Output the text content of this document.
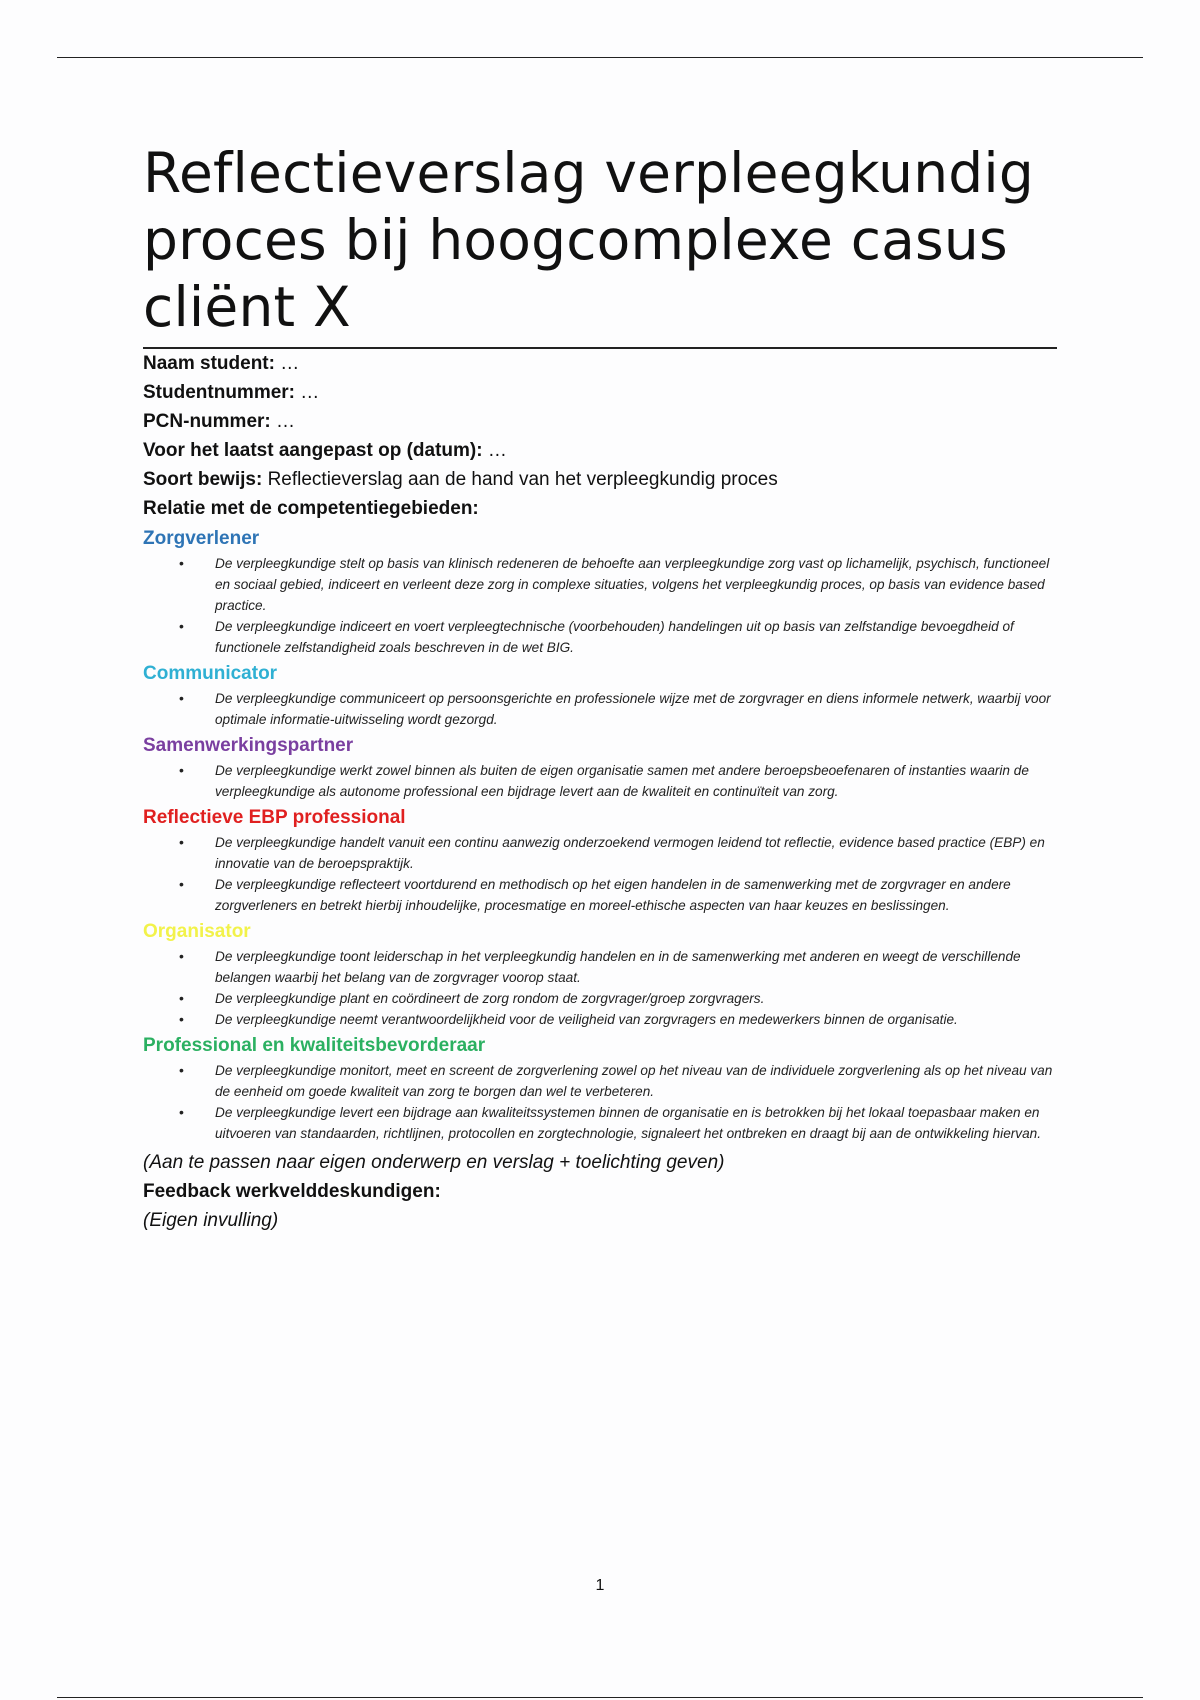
Reflectieverslag verpleegkundig proces bij hoogcomplexe casus cliënt X
Naam student: …
Studentnummer: …
PCN-nummer: …
Voor het laatst aangepast op (datum): …
Soort bewijs: Reflectieverslag aan de hand van het verpleegkundig proces
Relatie met de competentiegebieden:
Zorgverlener
• De verpleegkundige stelt op basis van klinisch redeneren de behoefte aan verpleegkundige zorg vast op lichamelijk, psychisch, functioneel en sociaal gebied, indiceert en verleent deze zorg in complexe situaties, volgens het verpleegkundig proces, op basis van evidence based practice.
• De verpleegkundige indiceert en voert verpleegtechnische (voorbehouden) handelingen uit op basis van zelfstandige bevoegdheid of functionele zelfstandigheid zoals beschreven in de wet BIG.
Communicator
• De verpleegkundige communiceert op persoonsgerichte en professionele wijze met de zorgvrager en diens informele netwerk, waarbij voor optimale informatie-uitwisseling wordt gezorgd.
Samenwerkingspartner
• De verpleegkundige werkt zowel binnen als buiten de eigen organisatie samen met andere beroepsbeoefenaren of instanties waarin de verpleegkundige als autonome professional een bijdrage levert aan de kwaliteit en continuïteit van zorg.
Reflectieve EBP professional
• De verpleegkundige handelt vanuit een continu aanwezig onderzoekend vermogen leidend tot reflectie, evidence based practice (EBP) en innovatie van de beroepspraktijk.
• De verpleegkundige reflecteert voortdurend en methodisch op het eigen handelen in de samenwerking met de zorgvrager en andere zorgverleners en betrekt hierbij inhoudelijke, procesmatige en moreel-ethische aspecten van haar keuzes en beslissingen.
Organisator
• De verpleegkundige toont leiderschap in het verpleegkundig handelen en in de samenwerking met anderen en weegt de verschillende belangen waarbij het belang van de zorgvrager voorop staat.
• De verpleegkundige plant en coördineert de zorg rondom de zorgvrager/groep zorgvragers.
• De verpleegkundige neemt verantwoordelijkheid voor de veiligheid van zorgvragers en medewerkers binnen de organisatie.
Professional en kwaliteitsbevorderaar
• De verpleegkundige monitort, meet en screent de zorgverlening zowel op het niveau van de individuele zorgverlening als op het niveau van de eenheid om goede kwaliteit van zorg te borgen dan wel te verbeteren.
• De verpleegkundige levert een bijdrage aan kwaliteitssystemen binnen de organisatie en is betrokken bij het lokaal toepasbaar maken en uitvoeren van standaarden, richtlijnen, protocollen en zorgtechnologie, signaleert het ontbreken en draagt bij aan de ontwikkeling hiervan.
(Aan te passen naar eigen onderwerp en verslag + toelichting geven)
Feedback werkvelddeskundigen:
(Eigen invulling)
1
